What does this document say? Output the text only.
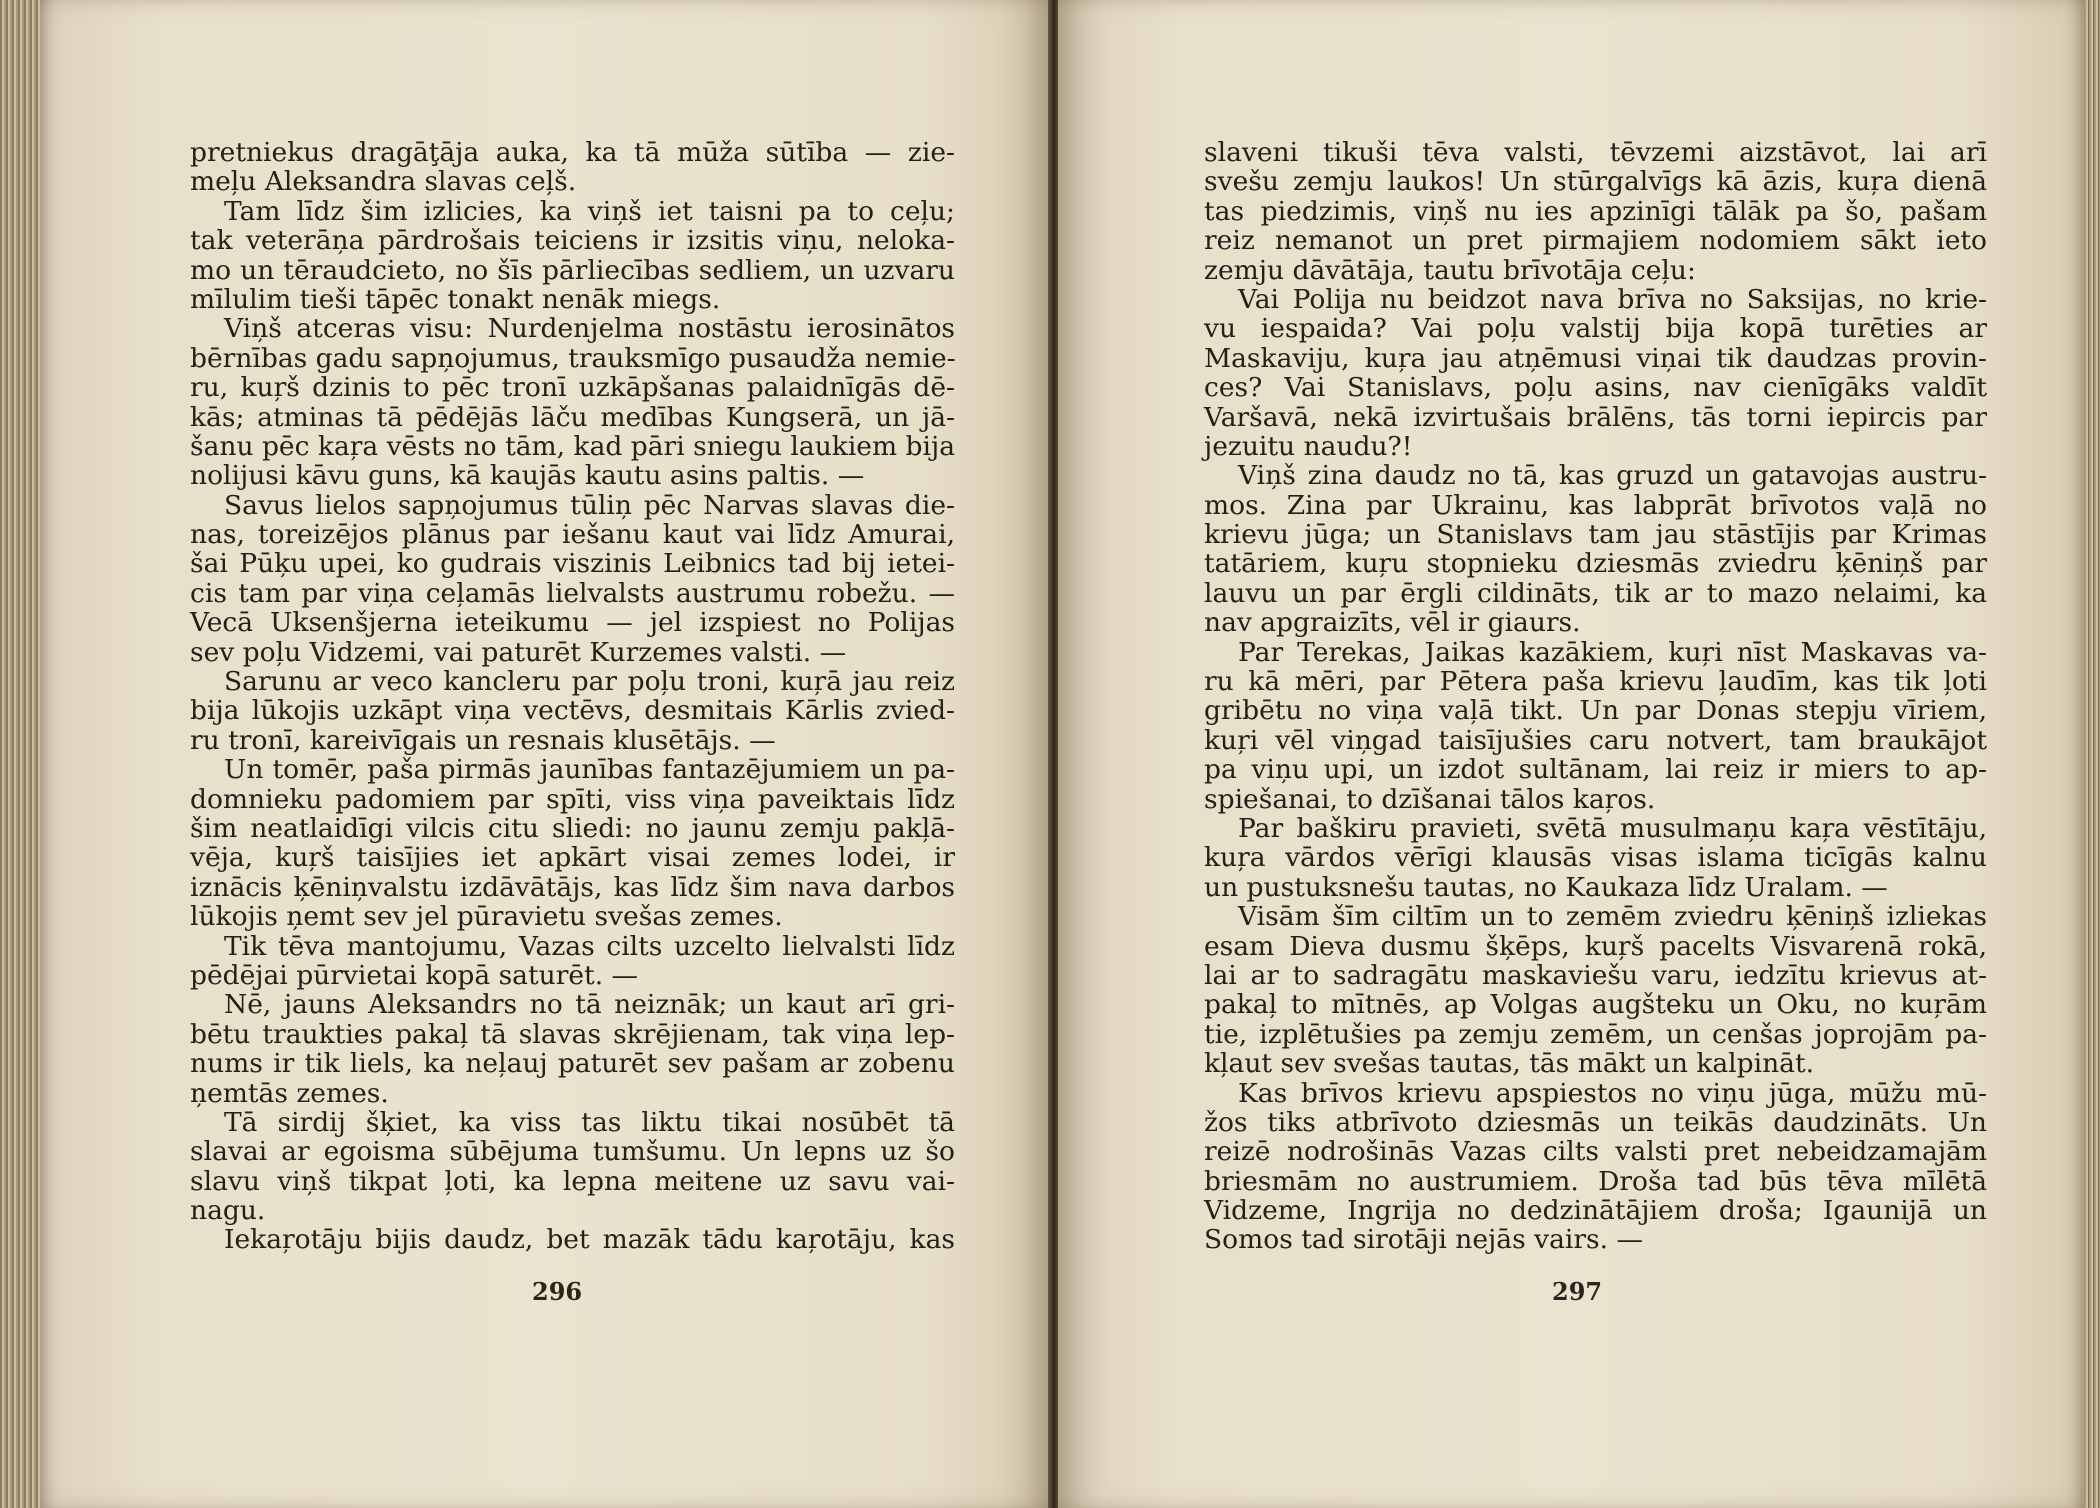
pretniekus dragāţāja auka, ka tā mūža sūtība — zie-
meļu Aleksandra slavas ceļš.
Tam līdz šim izlicies, ka viņš iet taisni pa to ceļu;
tak veterāņa pārdrošais teiciens ir izsitis viņu, neloka-
mo un tēraudcieto, no šīs pārliecības sedliem, un uzvaru
mīlulim tieši tāpēc tonakt nenāk miegs.
Viņš atceras visu: Nurdenjelma nostāstu ierosinātos
bērnības gadu sapņojumus, trauksmīgo pusaudža nemie-
ru, kuŗš dzinis to pēc tronī uzkāpšanas palaidnīgās dē-
kās; atminas tā pēdējās lāču medības Kungserā, un jā-
šanu pēc kaŗa vēsts no tām, kad pāri sniegu laukiem bija
nolijusi kāvu guns, kā kaujās kautu asins paltis. —
Savus lielos sapņojumus tūliņ pēc Narvas slavas die-
nas, toreizējos plānus par iešanu kaut vai līdz Amurai,
šai Pūķu upei, ko gudrais viszinis Leibnics tad bij ietei-
cis tam par viņa ceļamās lielvalsts austrumu robežu. —
Vecā Uksenšjerna ieteikumu — jel izspiest no Polijas
sev poļu Vidzemi, vai paturēt Kurzemes valsti. —
Sarunu ar veco kancleru par poļu troni, kuŗā jau reiz
bija lūkojis uzkāpt viņa vectēvs, desmitais Kārlis zvied-
ru tronī, kareivīgais un resnais klusētājs. —
Un tomēr, paša pirmās jaunības fantazējumiem un pa-
domnieku padomiem par spīti, viss viņa paveiktais līdz
šim neatlaidīgi vilcis citu sliedi: no jaunu zemju pakļā-
vēja, kuŗš taisījies iet apkārt visai zemes lodei, ir
iznācis ķēniņvalstu izdāvātājs, kas līdz šim nava darbos
lūkojis ņemt sev jel pūravietu svešas zemes.
Tik tēva mantojumu, Vazas cilts uzcelto lielvalsti līdz
pēdējai pūrvietai kopā saturēt. —
Nē, jauns Aleksandrs no tā neiznāk; un kaut arī gri-
bētu traukties pakaļ tā slavas skrējienam, tak viņa lep-
nums ir tik liels, ka neļauj paturēt sev pašam ar zobenu
ņemtās zemes.
Tā sirdij šķiet, ka viss tas liktu tikai nosūbēt tā
slavai ar egoisma sūbējuma tumšumu. Un lepns uz šo
slavu viņš tikpat ļoti, ka lepna meitene uz savu vai-
nagu.
Iekaŗotāju bijis daudz, bet mazāk tādu kaŗotāju, kas
296
slaveni tikuši tēva valsti, tēvzemi aizstāvot, lai arī
svešu zemju laukos! Un stūrgalvīgs kā āzis, kuŗa dienā
tas piedzimis, viņš nu ies apzinīgi tālāk pa šo, pašam
reiz nemanot un pret pirmajiem nodomiem sākt ieto
zemju dāvātāja, tautu brīvotāja ceļu:
Vai Polija nu beidzot nava brīva no Saksijas, no krie-
vu iespaida? Vai poļu valstij bija kopā turēties ar
Maskaviju, kuŗa jau atņēmusi viņai tik daudzas provin-
ces? Vai Stanislavs, poļu asins, nav cienīgāks valdīt
Varšavā, nekā izvirtušais brālēns, tās torni iepircis par
jezuitu naudu?!
Viņš zina daudz no tā, kas gruzd un gatavojas austru-
mos. Zina par Ukrainu, kas labprāt brīvotos vaļā no
krievu jūga; un Stanislavs tam jau stāstījis par Krimas
tatāriem, kuŗu stopnieku dziesmās zviedru ķēniņš par
lauvu un par ērgli cildināts, tik ar to mazo nelaimi, ka
nav apgraizīts, vēl ir giaurs.
Par Terekas, Jaikas kazākiem, kuŗi nīst Maskavas va-
ru kā mēri, par Pētera paša krievu ļaudīm, kas tik ļoti
gribētu no viņa vaļā tikt. Un par Donas stepju vīriem,
kuŗi vēl viņgad taisījušies caru notvert, tam braukājot
pa viņu upi, un izdot sultānam, lai reiz ir miers to ap-
spiešanai, to dzīšanai tālos kaŗos.
Par baškiru pravieti, svētā musulmaņu kaŗa vēstītāju,
kuŗa vārdos vērīgi klausās visas islama ticīgās kalnu
un pustuksnešu tautas, no Kaukaza līdz Uralam. —
Visām šīm ciltīm un to zemēm zviedru ķēniņš izliekas
esam Dieva dusmu šķēps, kuŗš pacelts Visvarenā rokā,
lai ar to sadragātu maskaviešu varu, iedzītu krievus at-
pakaļ to mītnēs, ap Volgas augšteku un Oku, no kuŗām
tie, izplētušies pa zemju zemēm, un cenšas joprojām pa-
kļaut sev svešas tautas, tās mākt un kalpināt.
Kas brīvos krievu apspiestos no viņu jūga, mūžu mū-
žos tiks atbrīvoto dziesmās un teikās daudzināts. Un
reizē nodrošinās Vazas cilts valsti pret nebeidzamajām
briesmām no austrumiem. Droša tad būs tēva mīlētā
Vidzeme, Ingrija no dedzinātājiem droša; Igaunijā un
Somos tad sirotāji nejās vairs. —
297
